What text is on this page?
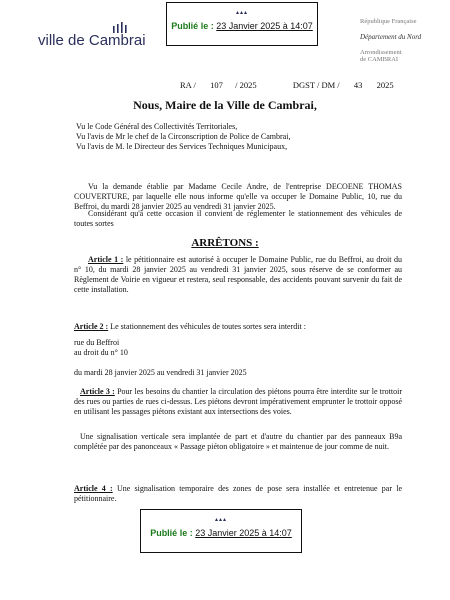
▴▴▴
Publié le : 23 Janvier 2025 à 14:07
ville de Cambrai
République Française
Département du Nord
Arrondissement
de CAMBRAI
RA / 107 / 2025	DGST / DM / 43 2025
Nous, Maire de la Ville de Cambrai,
Vu le Code Général des Collectivités Territoriales,
Vu l'avis de Mr le chef de la Circonscription de Police de Cambrai,
Vu l'avis de M. le Directeur des Services Techniques Municipaux,
Vu la demande établie par Madame Cecile Andre, de l'entreprise DECOENE THOMAS COUVERTURE, par laquelle elle nous informe qu'elle va occuper le Domaine Public, 10, rue du Beffroi, du mardi 28 janvier 2025 au vendredi 31 janvier 2025.
Considérant qu'à cette occasion il convient de réglementer le stationnement des véhicules de toutes sortes
ARRÊTONS :
Article 1 : le pétitionnaire est autorisé à occuper le Domaine Public, rue du Beffroi, au droit du n° 10, du mardi 28 janvier 2025 au vendredi 31 janvier 2025, sous réserve de se conformer au Règlement de Voirie en vigueur et restera, seul responsable, des accidents pouvant survenir du fait de cette installation.
Article 2 : Le stationnement des véhicules de toutes sortes sera interdit :
rue du Beffroi
au droit du n° 10
du mardi 28 janvier 2025 au vendredi 31 janvier 2025
Article 3 : Pour les besoins du chantier la circulation des piétons pourra être interdite sur le trottoir des rues ou parties de rues ci-dessus. Les piétons devront impérativement emprunter le trottoir opposé en utilisant les passages piétons existant aux intersections des voies.
Une signalisation verticale sera implantée de part et d'autre du chantier par des panneaux B9a complétée par des panonceaux « Passage piéton obligatoire » et maintenue de jour comme de nuit.
Article 4 : Une signalisation temporaire des zones de pose sera installée et entretenue par le pétitionnaire.
▴▴▴
Publié le : 23 Janvier 2025 à 14:07
